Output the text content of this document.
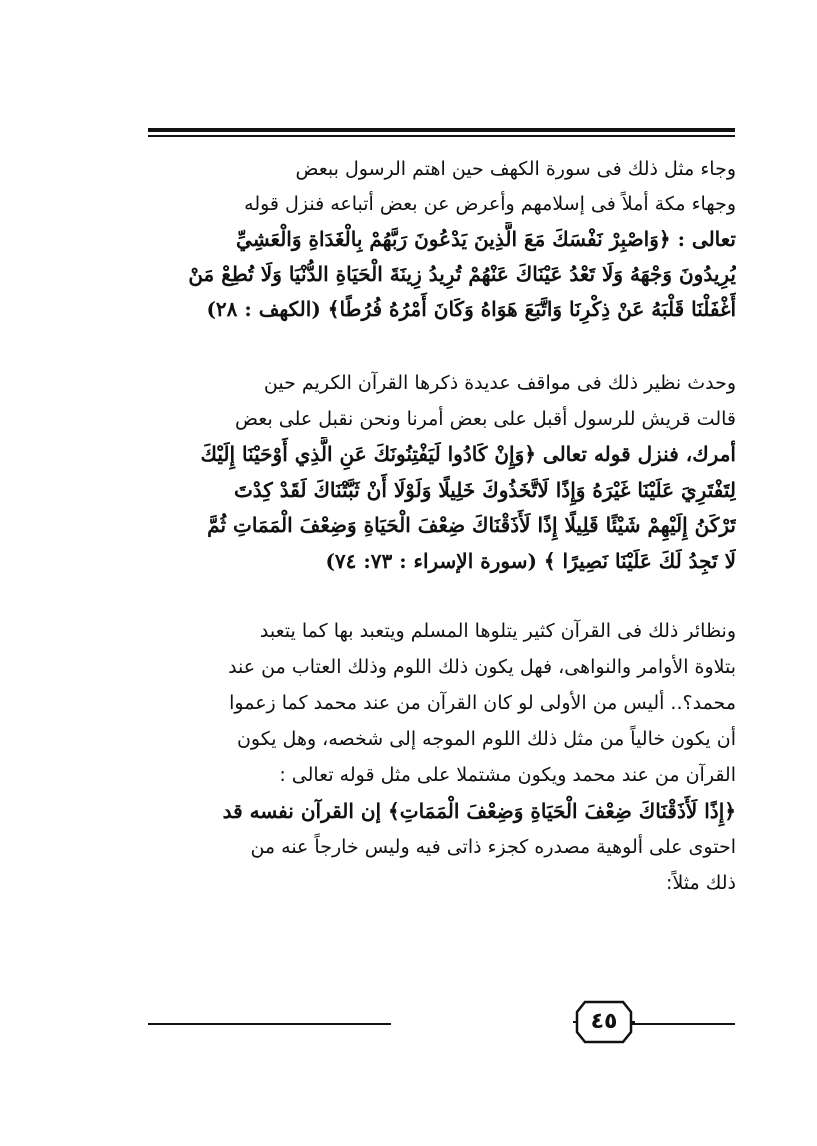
وجاء مثل ذلك فى سورة الكهف حين اهتم الرسول ببعض
وجهاء مكة أملاً فى إسلامهم وأعرض عن بعض أتباعه فنزل قوله
تعالى : ﴿وَاصْبِرْ نَفْسَكَ مَعَ الَّذِينَ يَدْعُونَ رَبَّهُمْ بِالْغَدَاةِ وَالْعَشِيِّ
يُرِيدُونَ وَجْهَهُ وَلَا تَعْدُ عَيْنَاكَ عَنْهُمْ تُرِيدُ زِينَةَ الْحَيَاةِ الدُّنْيَا وَلَا تُطِعْ مَنْ
أَغْفَلْنَا قَلْبَهُ عَنْ ذِكْرِنَا وَاتَّبَعَ هَوَاهُ وَكَانَ أَمْرُهُ فُرُطًا﴾ (الكهف : ٢٨)

وحدث نظير ذلك فى مواقف عديدة ذكرها القرآن الكريم حين
قالت قريش للرسول أقبل على بعض أمرنا ونحن نقبل على بعض
أمرك، فنزل قوله تعالى ﴿وَإِنْ كَادُوا لَيَفْتِنُونَكَ عَنِ الَّذِي أَوْحَيْنَا إِلَيْكَ
لِتَفْتَرِيَ عَلَيْنَا غَيْرَهُ وَإِذًا لَاتَّخَذُوكَ خَلِيلًا وَلَوْلَا أَنْ ثَبَّتْنَاكَ لَقَدْ كِدْتَ
تَرْكَنُ إِلَيْهِمْ شَيْئًا قَلِيلًا إِذًا لَأَذَقْنَاكَ ضِعْفَ الْحَيَاةِ وَضِعْفَ الْمَمَاتِ ثُمَّ
لَا تَجِدُ لَكَ عَلَيْنَا نَصِيرًا ﴾ (سورة الإسراء : ٧٣: ٧٤)

ونظائر ذلك فى القرآن كثير يتلوها المسلم ويتعبد بها كما يتعبد
بتلاوة الأوامر والنواهى، فهل يكون ذلك اللوم وذلك العتاب من عند
محمد؟.. أليس من الأولى لو كان القرآن من عند محمد كما زعموا
أن يكون خالياً من مثل ذلك اللوم الموجه إلى شخصه، وهل يكون
القرآن من عند محمد ويكون مشتملا على مثل قوله تعالى :
﴿إِذًا لَأَذَقْنَاكَ ضِعْفَ الْحَيَاةِ وَضِعْفَ الْمَمَاتِ﴾ إن القرآن نفسه قد
احتوى على ألوهية مصدره كجزء ذاتى فيه وليس خارجاً عنه من
ذلك مثلاً:

٤٥
